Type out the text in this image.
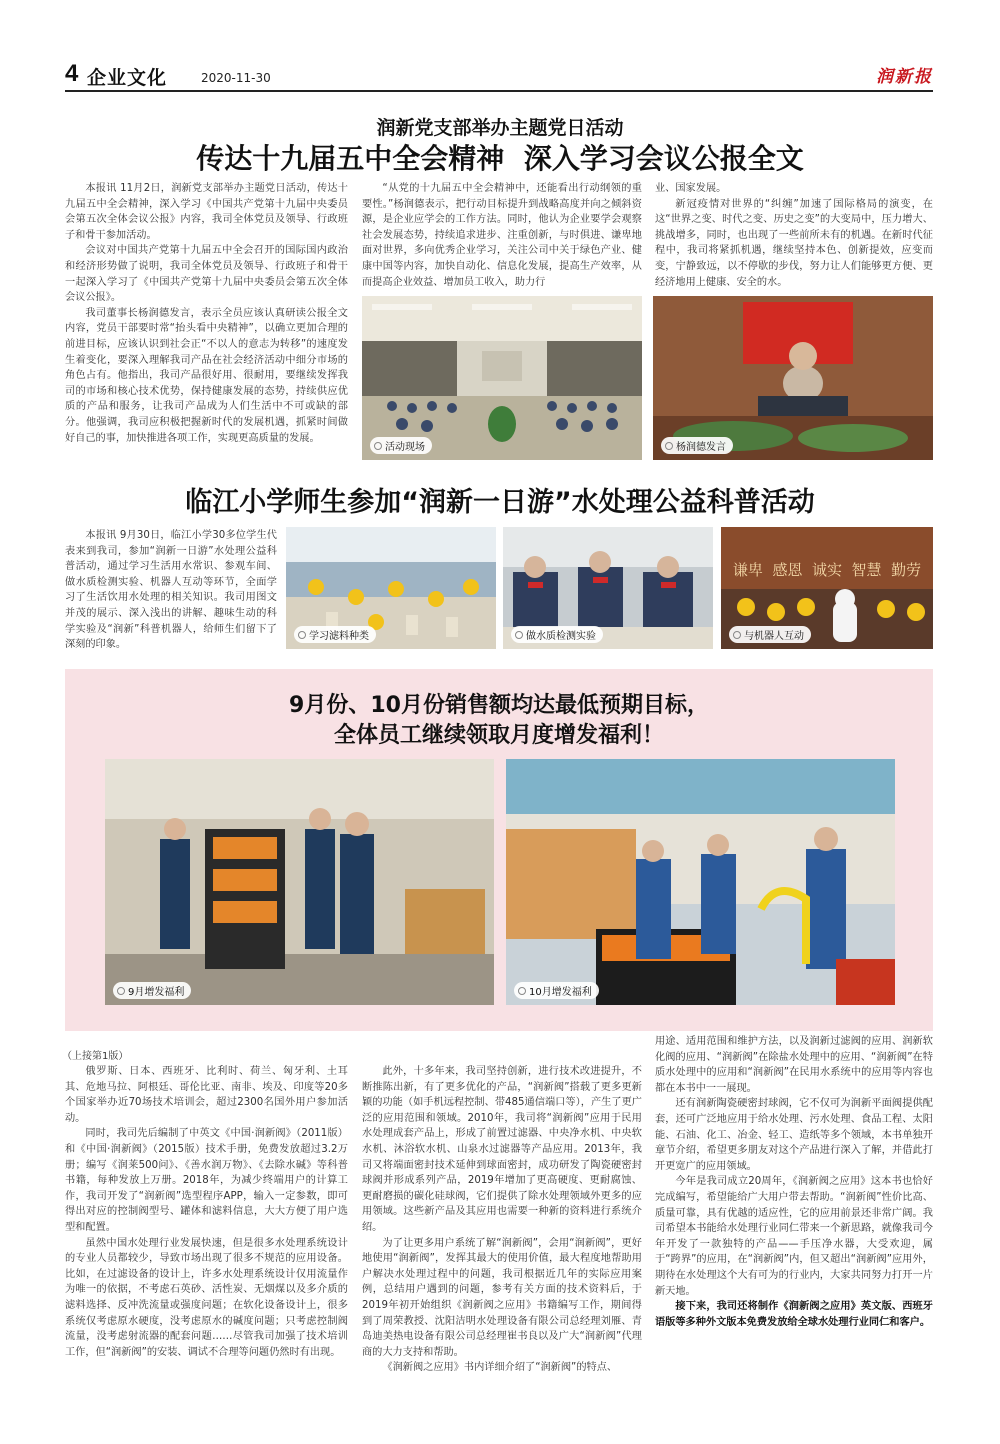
4 企业文化	2020-11-30	润新报
润新党支部举办主题党日活动
传达十九届五中全会精神  深入学习会议公报全文

本报讯 11月2日，润新党支部举办主题党日活动，传达十九届五中全会精神，深入学习《中国共产党第十九届中央委员会第五次全体会议公报》内容，我司全体党员及领导、行政班子和骨干参加活动。

会议对中国共产党第十九届五中全会召开的国际国内政治和经济形势做了说明，我司全体党员及领导、行政班子和骨干一起深入学习了《中国共产党第十九届中央委员会第五次全体会议公报》。

我司董事长杨润德发言，表示全员应该认真研读公报全文内容，党员干部要时常“抬头看中央精神”，以确立更加合理的前进目标，应该认识到社会正“不以人的意志为转移”的速度发生着变化，要深入理解我司产品在社会经济活动中细分市场的角色占有。他指出，我司产品很好用、很耐用，要继续发挥我司的市场和核心技术优势，保持健康发展的态势，持续供应优质的产品和服务，让我司产品成为人们生活中不可或缺的部分。他强调，我司应积极把握新时代的发展机遇，抓紧时间做好自己的事，加快推进各项工作，实现更高质量的发展。

“从党的十九届五中全会精神中，还能看出行动纲领的重要性。”杨润德表示，把行动目标提升到战略高度并向之倾斜资源，是企业应学会的工作方法。同时，他认为企业要学会观察社会发展态势，持续追求进步、注重创新，与时俱进、谦卑地面对世界，多向优秀企业学习，关注公司中关于绿色产业、健康中国等内容，加快自动化、信息化发展，提高生产效率，从而提高企业效益、增加员工收入，助力行

业、国家发展。

新冠疫情对世界的“纠缠”加速了国际格局的演变，在这“世界之变、时代之变、历史之变”的大变局中，压力增大、挑战增多，同时，也出现了一些前所未有的机遇。在新时代征程中，我司将紧抓机遇，继续坚持本色、创新提效，应变而变，宁静致远，以不停歇的步伐，努力让人们能够更方便、更经济地用上健康、安全的水。

活动现场	杨润德发言
临江小学师生参加“润新一日游”水处理公益科普活动

本报讯 9月30日，临江小学30多位学生代表来到我司，参加“润新一日游”水处理公益科普活动，通过学习生活用水常识、参观车间、做水质检测实验、机器人互动等环节，全面学习了生活饮用水处理的相关知识。我司用图文并茂的展示、深入浅出的讲解、趣味生动的科学实验及“润新”科普机器人，给师生们留下了深刻的印象。

学习滤料种类	做水质检测实验
谦卑  感恩  诚实  智慧  勤劳
与机器人互动
9月份、10月份销售额均达最低预期目标，
全体员工继续领取月度增发福利！
9月增发福利	10月增发福利
（上接第1版）

俄罗斯、日本、西班牙、比利时、荷兰、匈牙利、土耳其、危地马拉、阿根廷、哥伦比亚、南非、埃及、印度等20多个国家举办近70场技术培训会，超过2300名国外用户参加活动。

同时，我司先后编制了中英文《中国·润新阀》（2011版）和《中国·润新阀》（2015版）技术手册，免费发放超过3.2万册；编写《润莱500问》、《善水润万物》、《去除水碱》等科普书籍，每种发放上万册。2018年，为减少终端用户的计算工作，我司开发了“润新阀”选型程序APP，输入一定参数，即可得出对应的控制阀型号、罐体和滤料信息，大大方便了用户选型和配置。

虽然中国水处理行业发展快速，但是很多水处理系统设计的专业人员都较少，导致市场出现了很多不规范的应用设备。比如，在过滤设备的设计上，许多水处理系统设计仅用流量作为唯一的依据，不考虑石英砂、活性炭、无烟煤以及多介质的滤料选择、反冲洗流量或强度问题；在软化设备设计上，很多系统仅考虑原水硬度，没考虑原水的碱度问题；只考虑控制阀流量，没考虑射流器的配套问题……尽管我司加强了技术培训工作，但“润新阀”的安装、调试不合理等问题仍然时有出现。

此外，十多年来，我司坚持创新，进行技术改进提升，不断推陈出新，有了更多优化的产品，“润新阀”搭载了更多更新颖的功能（如手机远程控制、带485通信端口等），产生了更广泛的应用范围和领域。2010年，我司将“润新阀”应用于民用水处理成套产品上，形成了前置过滤器、中央净水机、中央软水机、沐浴软水机、山泉水过滤器等产品应用。2013年，我司又将端面密封技术延伸到球面密封，成功研发了陶瓷硬密封球阀并形成系列产品，2019年增加了更高硬度、更耐腐蚀、更耐磨损的碳化硅球阀，它们提供了除水处理领域外更多的应用领域。这些新产品及其应用也需要一种新的资料进行系统介绍。

为了让更多用户系统了解“润新阀”，会用“润新阀”，更好地使用“润新阀”，发挥其最大的使用价值，最大程度地帮助用户解决水处理过程中的问题，我司根据近几年的实际应用案例，总结用户遇到的问题，参考有关方面的技术资料后，于2019年初开始组织《润新阀之应用》书籍编写工作，期间得到了周荣教授、沈阳洁明水处理设备有限公司总经理刘雁、青岛迪美热电设备有限公司总经理崔书良以及广大“润新阀”代理商的大力支持和帮助。

《润新阀之应用》书内详细介绍了“润新阀”的特点、

用途、适用范围和维护方法，以及润新过滤阀的应用、润新软化阀的应用、“润新阀”在除盐水处理中的应用、“润新阀”在特质水处理中的应用和“润新阀”在民用水系统中的应用等内容也都在本书中一一展现。

还有润新陶瓷硬密封球阀，它不仅可为润新平面阀提供配套，还可广泛地应用于给水处理、污水处理、食品工程、太阳能、石油、化工、冶金、轻工、造纸等多个领域，本书单独开章节介绍，希望更多朋友对这个产品进行深入了解，并借此打开更宽广的应用领域。

今年是我司成立20周年，《润新阀之应用》这本书也恰好完成编写，希望能给广大用户带去帮助。“润新阀”性价比高、质量可靠，具有优越的适应性，它的应用前景还非常广阔。我司希望本书能给水处理行业同仁带来一个新思路，就像我司今年开发了一款独特的产品——手压净水器，大受欢迎，属于“跨界”的应用，在“润新阀”内，但又超出“润新阀”应用外，期待在水处理这个大有可为的行业内，大家共同努力打开一片新天地。

接下来，我司还将制作《润新阀之应用》英文版、西班牙语版等多种外文版本免费发放给全球水处理行业同仁和客户。
